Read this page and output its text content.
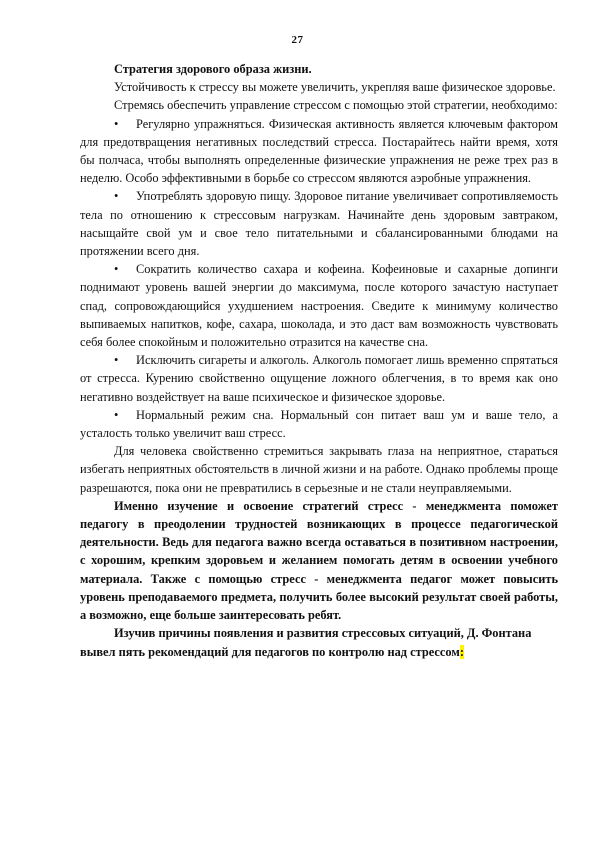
27

Стратегия здорового образа жизни.

Устойчивость к стрессу вы можете увеличить, укрепляя ваше физическое здоровье.

Стремясь обеспечить управление стрессом с помощью этой стратегии, необходимо:

• Регулярно упражняться. Физическая активность является ключевым фактором для предотвращения негативных последствий стресса. Постарайтесь найти время, хотя бы полчаса, чтобы выполнять определенные физические упражнения не реже трех раз в неделю. Особо эффективными в борьбе со стрессом являются аэробные упражнения.
• Употреблять здоровую пищу. Здоровое питание увеличивает сопротивляемость тела по отношению к стрессовым нагрузкам. Начинайте день здоровым завтраком, насыщайте свой ум и свое тело питательными и сбалансированными блюдами на протяжении всего дня.
• Сократить количество сахара и кофеина. Кофеиновые и сахарные допинги поднимают уровень вашей энергии до максимума, после которого зачастую наступает спад, сопровождающийся ухудшением настроения. Сведите к минимуму количество выпиваемых напитков, кофе, сахара, шоколада, и это даст вам возможность чувствовать себя более спокойным и положительно отразится на качестве сна.
• Исключить сигареты и алкоголь. Алкоголь помогает лишь временно спрятаться от стресса. Курению свойственно ощущение ложного облегчения, в то время как оно негативно воздействует на ваше психическое и физическое здоровье.
• Нормальный режим сна. Нормальный сон питает ваш ум и ваше тело, а усталость только увеличит ваш стресс.

Для человека свойственно стремиться закрывать глаза на неприятное, стараться избегать неприятных обстоятельств в личной жизни и на работе. Однако проблемы проще разрешаются, пока они не превратились в серьезные и не стали неуправляемыми.

Именно изучение и освоение стратегий стресс - менеджмента поможет педагогу в преодолении трудностей возникающих в процессе педагогической деятельности. Ведь для педагога важно всегда оставаться в позитивном настроении, с хорошим, крепким здоровьем и желанием помогать детям в освоении учебного материала. Также с помощью стресс - менеджмента педагог может повысить уровень преподаваемого предмета, получить более высокий результат своей работы, а возможно, еще больше заинтересовать ребят.

Изучив причины появления и развития стрессовых ситуаций, Д. Фонтана вывел пять рекомендаций для педагогов по контролю над стрессом:
